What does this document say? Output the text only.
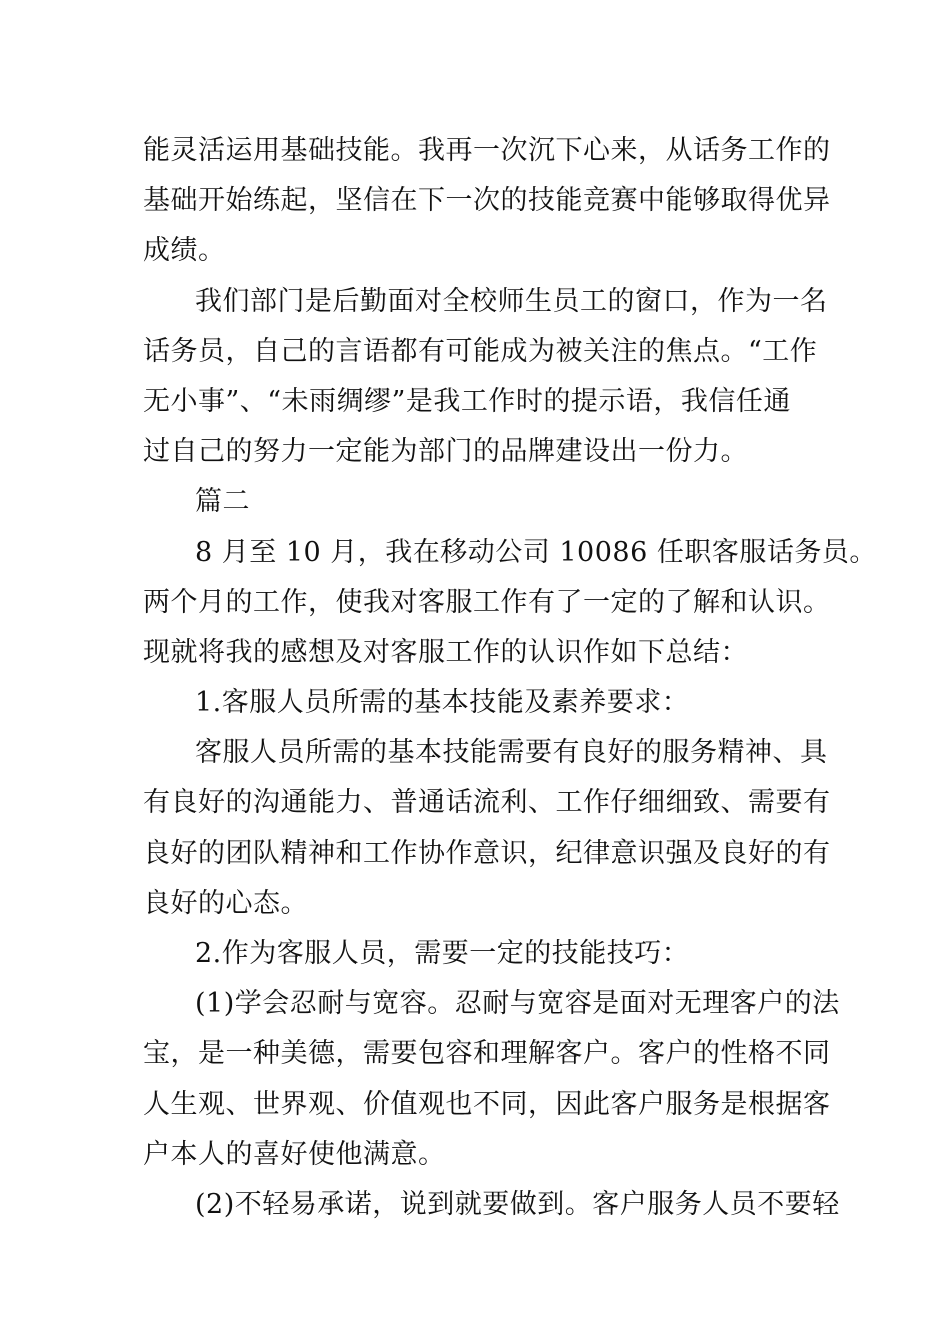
能灵活运用基础技能。我再一次沉下心来，从话务工作的
基础开始练起，坚信在下一次的技能竞赛中能够取得优异
成绩。
我们部门是后勤面对全校师生员工的窗口，作为一名
话务员，自己的言语都有可能成为被关注的焦点。“工作
无小事”、“未雨绸缪”是我工作时的提示语，我信任通
过自己的努力一定能为部门的品牌建设出一份力。
篇二
8 月至 10 月，我在移动公司 10086 任职客服话务员。
两个月的工作，使我对客服工作有了一定的了解和认识。
现就将我的感想及对客服工作的认识作如下总结：
1.客服人员所需的基本技能及素养要求：
客服人员所需的基本技能需要有良好的服务精神、具
有良好的沟通能力、普通话流利、工作仔细细致、需要有
良好的团队精神和工作协作意识，纪律意识强及良好的有
良好的心态。
2.作为客服人员，需要一定的技能技巧：
(1)学会忍耐与宽容。忍耐与宽容是面对无理客户的法
宝，是一种美德，需要包容和理解客户。客户的性格不同
人生观、世界观、价值观也不同，因此客户服务是根据客
户本人的喜好使他满意。
(2)不轻易承诺，说到就要做到。客户服务人员不要轻
